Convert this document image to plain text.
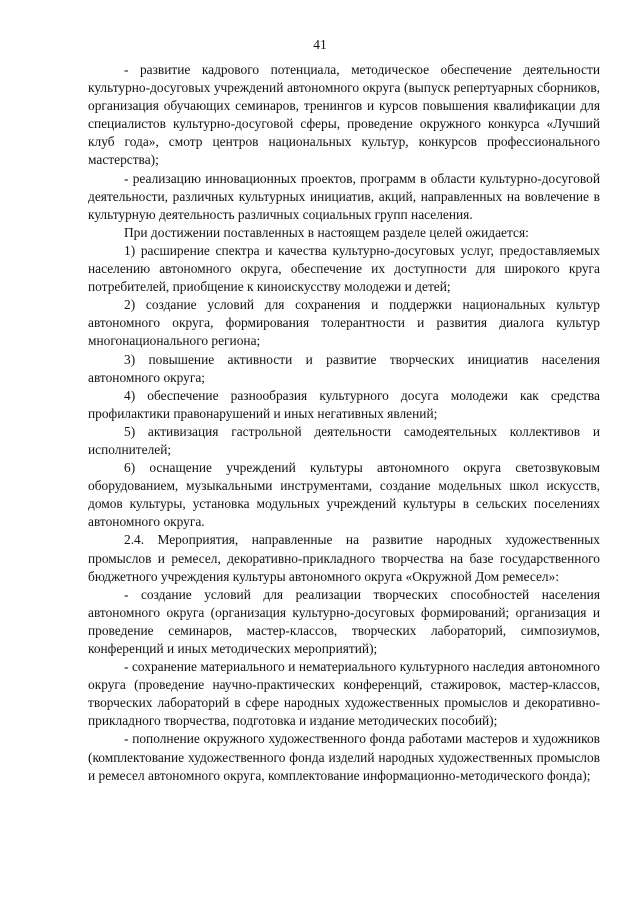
41

- развитие кадрового потенциала, методическое обеспечение деятельности культурно-досуговых учреждений автономного округа (выпуск репертуарных сборников, организация обучающих семинаров, тренингов и курсов повышения квалификации для специалистов культурно-досуговой сферы, проведение окружного конкурса «Лучший клуб года», смотр центров национальных культур, конкурсов профессионального мастерства);

- реализацию инновационных проектов, программ в области культурно-досуговой деятельности, различных культурных инициатив, акций, направленных на вовлечение в культурную деятельность различных социальных групп населения.

При достижении поставленных в настоящем разделе целей ожидается:

1) расширение спектра и качества культурно-досуговых услуг, предоставляемых населению автономного округа, обеспечение их доступности для широкого круга потребителей, приобщение к киноискусству молодежи и детей;

2) создание условий для сохранения и поддержки национальных культур автономного округа, формирования толерантности и развития диалога культур многонационального региона;

3) повышение активности и развитие творческих инициатив населения автономного округа;

4) обеспечение разнообразия культурного досуга молодежи как средства профилактики правонарушений и иных негативных явлений;

5) активизация гастрольной деятельности самодеятельных коллективов и исполнителей;

6) оснащение учреждений культуры автономного округа светозвуковым оборудованием, музыкальными инструментами, создание модельных школ искусств, домов культуры, установка модульных учреждений культуры в сельских поселениях автономного округа.

2.4. Мероприятия, направленные на развитие народных художественных промыслов и ремесел, декоративно-прикладного творчества на базе государственного бюджетного учреждения культуры автономного округа «Окружной Дом ремесел»:

- создание условий для реализации творческих способностей населения автономного округа (организация культурно-досуговых формирований; организация и проведение семинаров, мастер-классов, творческих лабораторий, симпозиумов, конференций и иных методических мероприятий);

- сохранение материального и нематериального культурного наследия автономного округа (проведение научно-практических конференций, стажировок, мастер-классов, творческих лабораторий в сфере народных художественных промыслов и декоративно-прикладного творчества, подготовка и издание методических пособий);

- пополнение окружного художественного фонда работами мастеров и художников (комплектование художественного фонда изделий народных художественных промыслов и ремесел автономного округа, комплектование информационно-методического фонда);
